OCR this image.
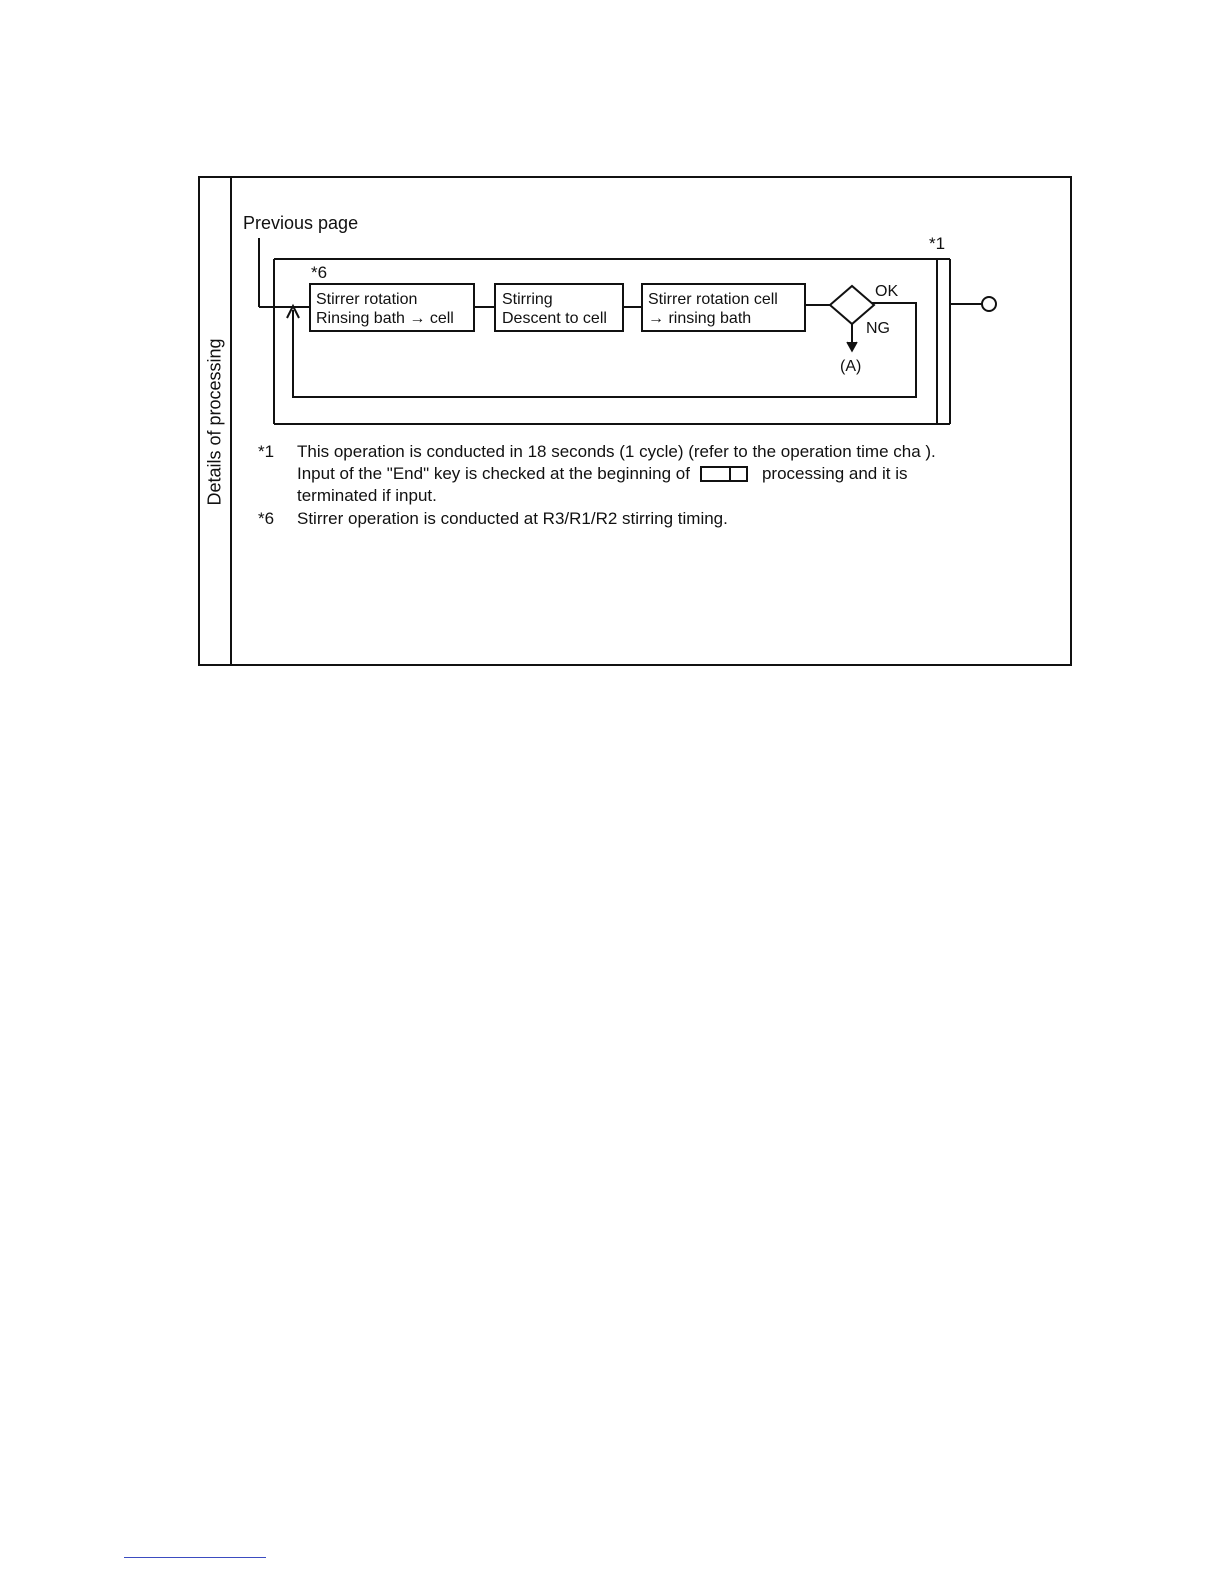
Details of processing
Previous page
*1
*6
Stirrer rotation
Rinsing bath → cell
Stirring
Descent to cell
Stirrer rotation cell
→ rinsing bath
OK
NG
(A)
*1 This operation is conducted in 18 seconds (1 cycle) (refer to the operation time cha ).
Input of the "End" key is checked at the beginning of	processing and it is
terminated if input.
*6 Stirrer operation is conducted at R3/R1/R2 stirring timing.
